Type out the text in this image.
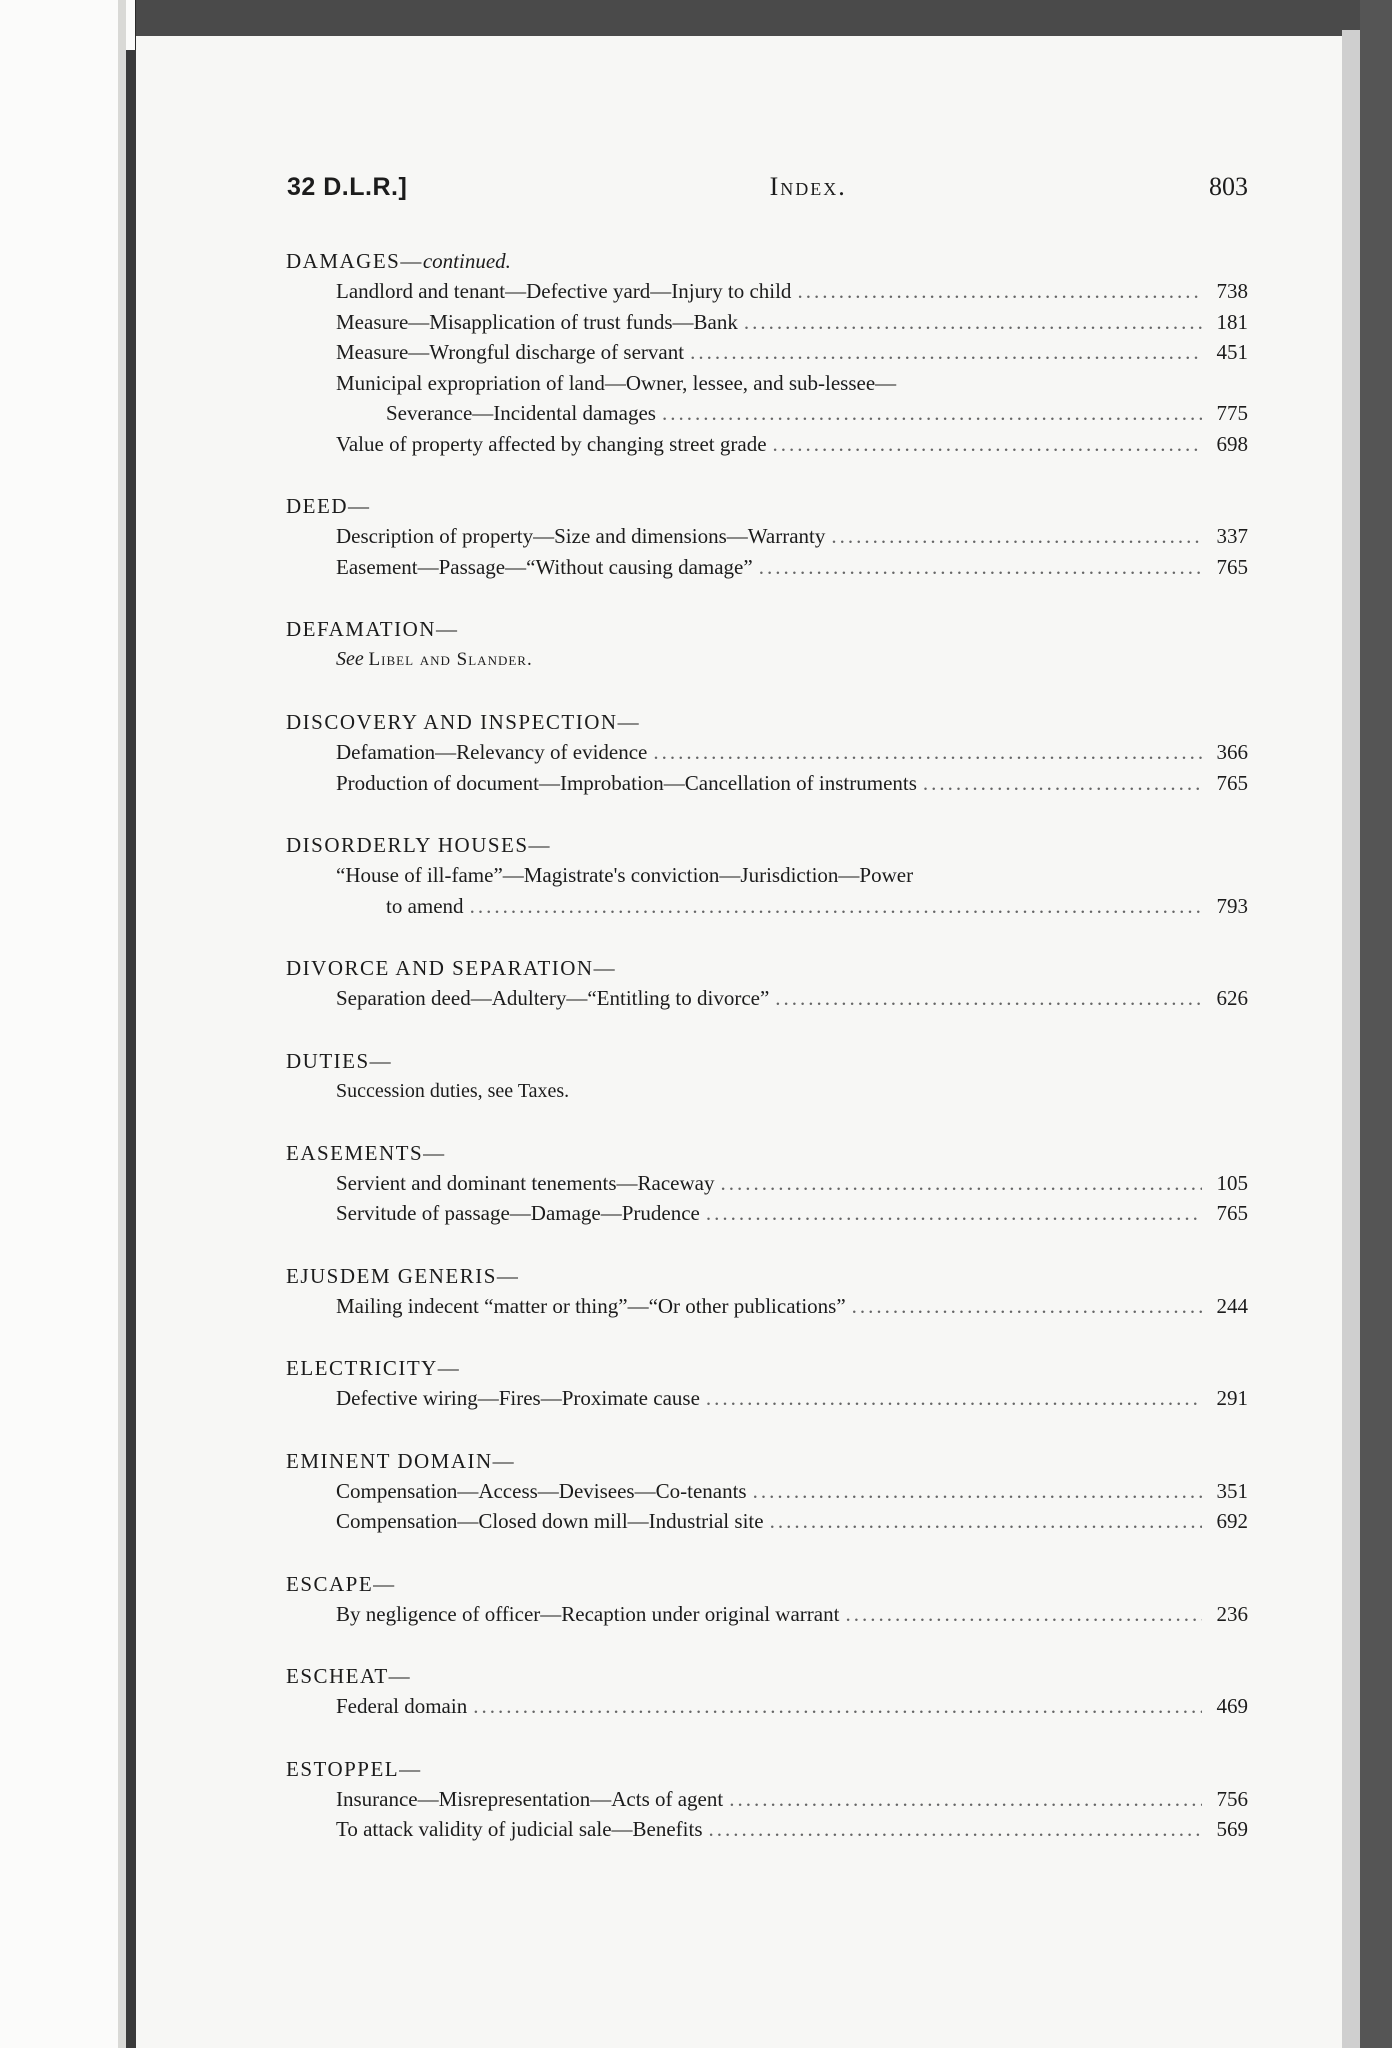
32 D.L.R.]	Index.	803
DAMAGES—continued.
Landlord and tenant—Defective yard—Injury to child .....	738
Measure—Misapplication of trust funds—Bank .....	181
Measure—Wrongful discharge of servant .....	451
Municipal expropriation of land—Owner, lessee, and sub-lessee—
Severance—Incidental damages .....	775
Value of property affected by changing street grade .....	698
DEED—
Description of property—Size and dimensions—Warranty .....	337
Easement—Passage—“Without causing damage” .....	765
DEFAMATION—
See Libel and Slander.
DISCOVERY AND INSPECTION—
Defamation—Relevancy of evidence .....	366
Production of document—Improbation—Cancellation of instruments .....	765
DISORDERLY HOUSES—
“House of ill-fame”—Magistrate's conviction—Jurisdiction—Power
to amend .....	793
DIVORCE AND SEPARATION—
Separation deed—Adultery—“Entitling to divorce” .....	626
DUTIES—
Succession duties, see Taxes.
EASEMENTS—
Servient and dominant tenements—Raceway .....	105
Servitude of passage—Damage—Prudence .....	765
EJUSDEM GENERIS—
Mailing indecent “matter or thing”—“Or other publications” .....	244
ELECTRICITY—
Defective wiring—Fires—Proximate cause .....	291
EMINENT DOMAIN—
Compensation—Access—Devisees—Co-tenants .....	351
Compensation—Closed down mill—Industrial site .....	692
ESCAPE—
By negligence of officer—Recaption under original warrant .....	236
ESCHEAT—
Federal domain .....	469
ESTOPPEL—
Insurance—Misrepresentation—Acts of agent .....	756
To attack validity of judicial sale—Benefits .....	569
